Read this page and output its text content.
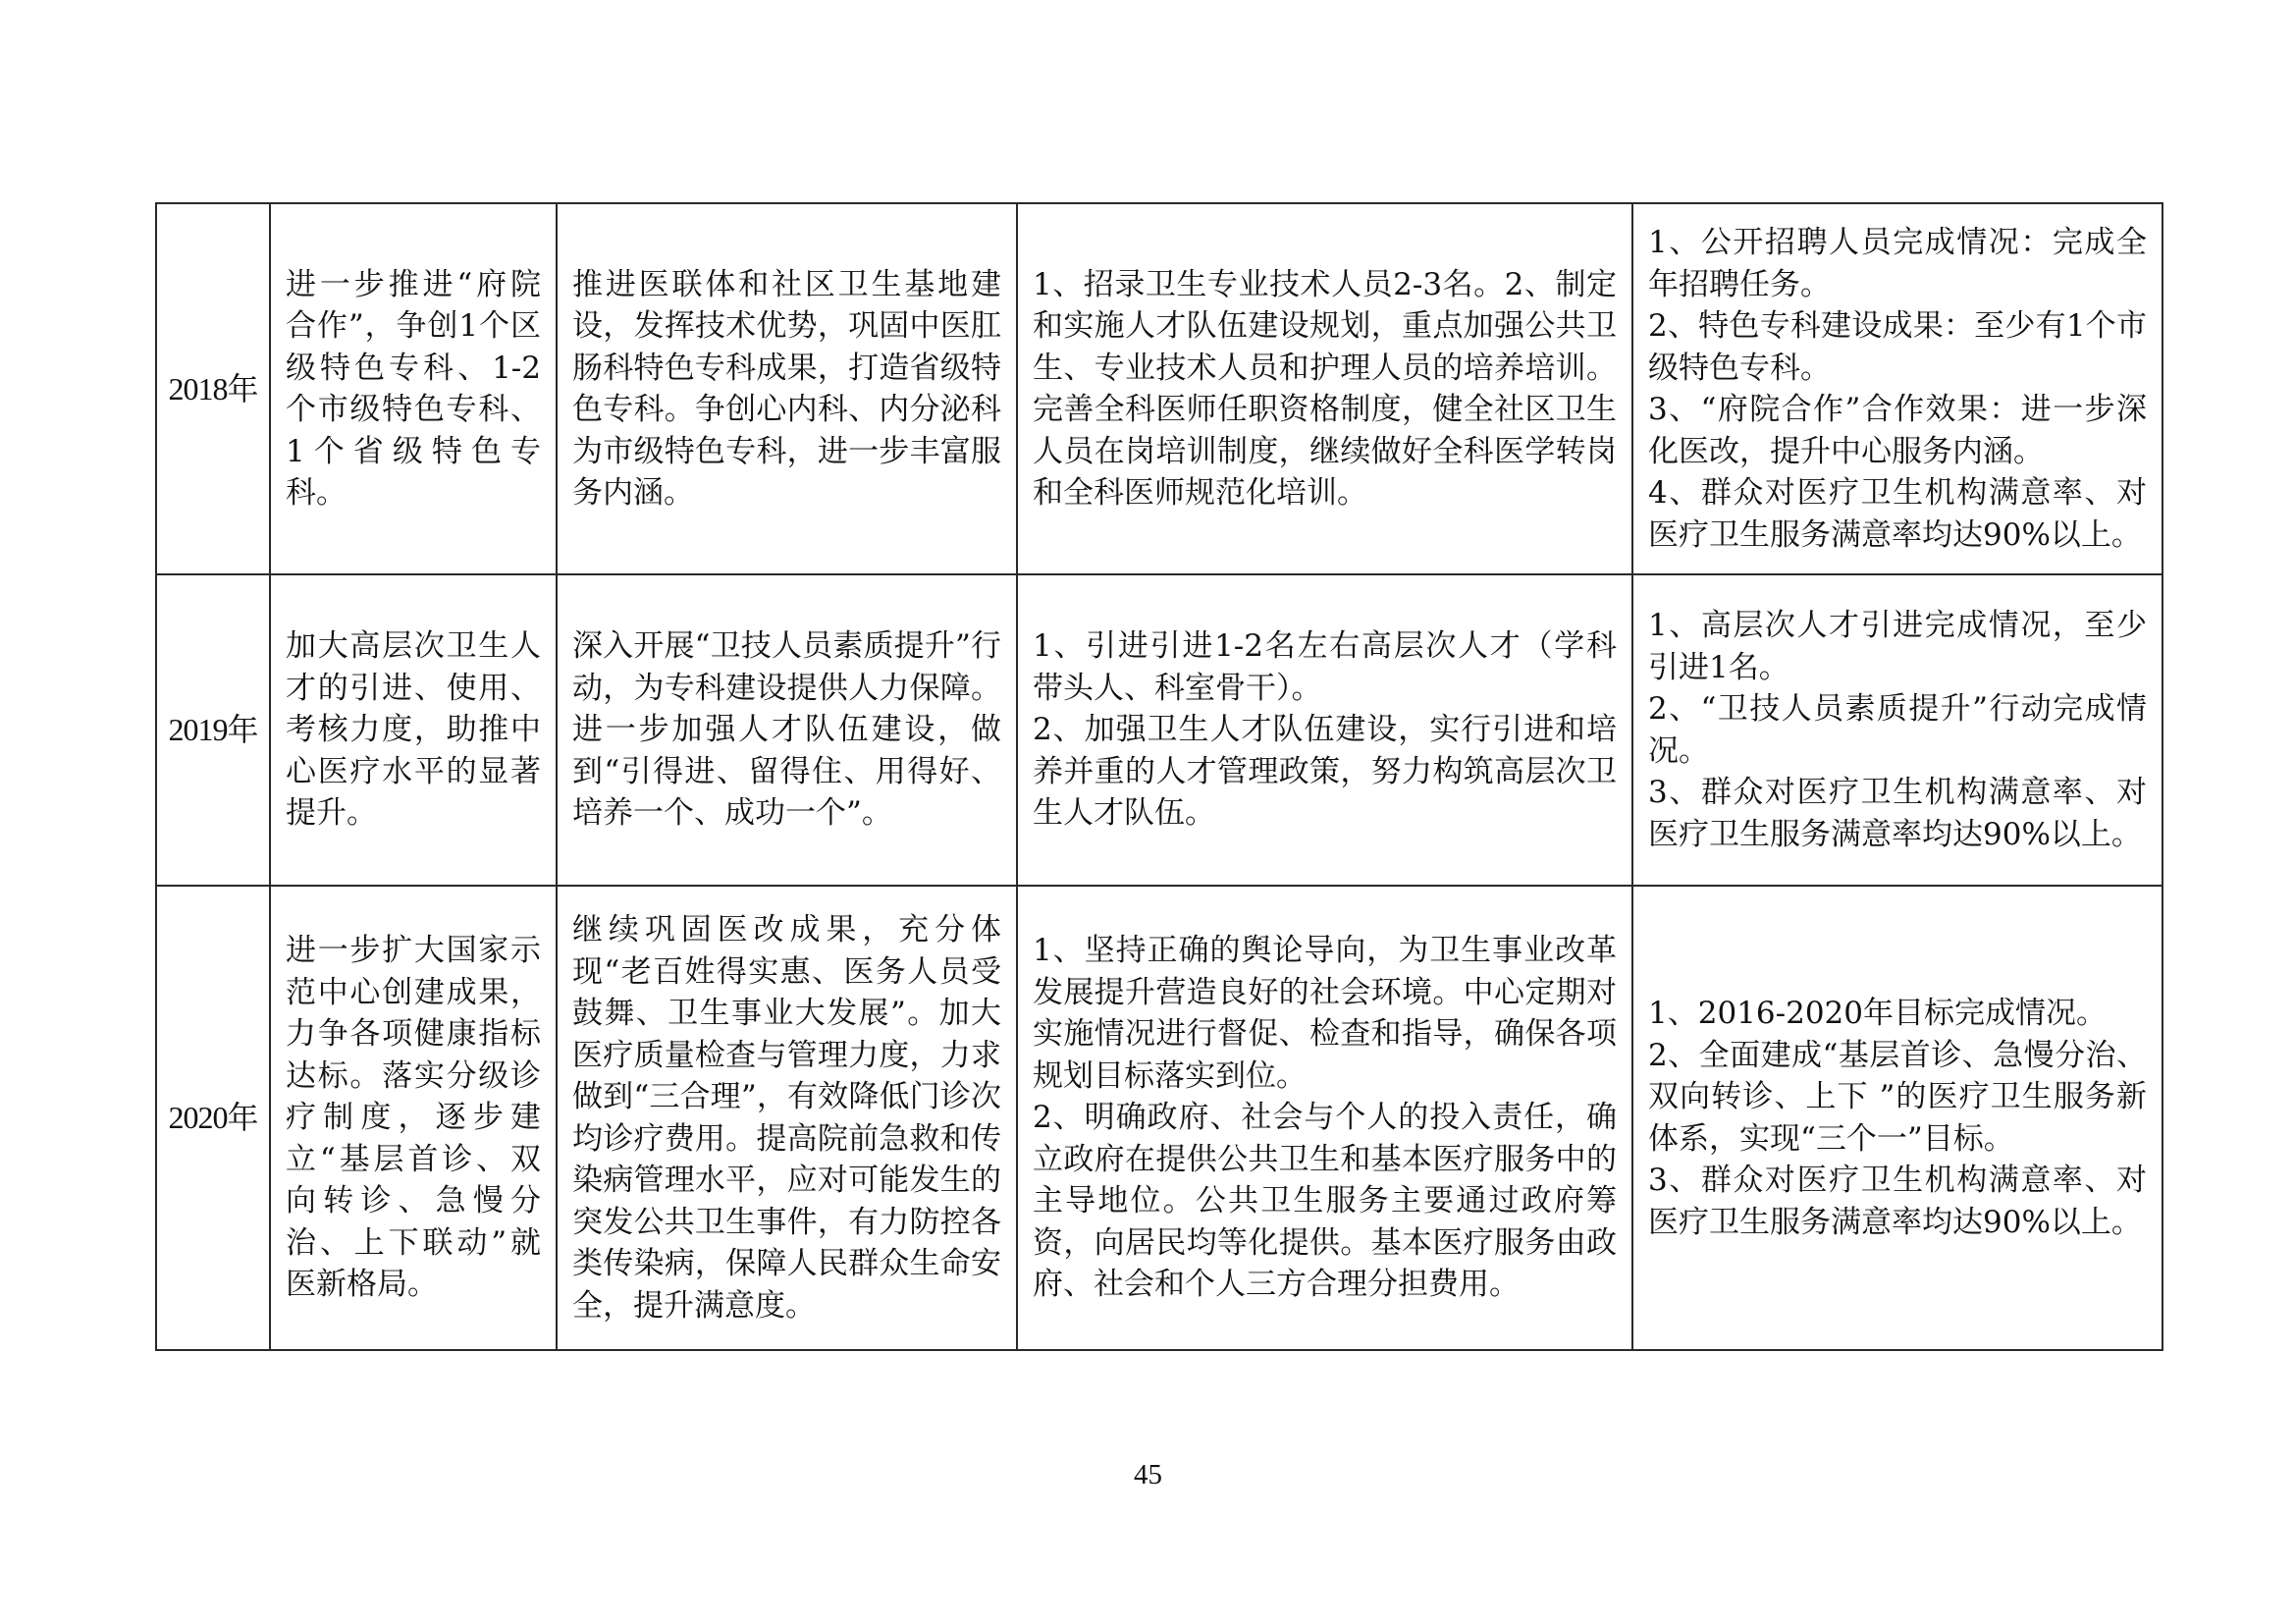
2018年	进一步推进“府院合作”，争创1个区级特色专科、1-2个市级特色专科、1个省级特色专科。	推进医联体和社区卫生基地建设，发挥技术优势，巩固中医肛肠科特色专科成果，打造省级特色专科。争创心内科、内分泌科为市级特色专科，进一步丰富服务内涵。	1、招录卫生专业技术人员2-3名。2、制定和实施人才队伍建设规划，重点加强公共卫生、专业技术人员和护理人员的培养培训。完善全科医师任职资格制度，健全社区卫生人员在岗培训制度，继续做好全科医学转岗和全科医师规范化培训。	1、公开招聘人员完成情况：完成全年招聘任务。
2、特色专科建设成果：至少有1个市级特色专科。
3、“府院合作”合作效果：进一步深化医改，提升中心服务内涵。
4、群众对医疗卫生机构满意率、对医疗卫生服务满意率均达90%以上。

2019年	加大高层次卫生人才的引进、使用、考核力度，助推中心医疗水平的显著提升。	深入开展“卫技人员素质提升”行动，为专科建设提供人力保障。进一步加强人才队伍建设，做到“引得进、留得住、用得好、培养一个、成功一个”。	1、引进引进1-2名左右高层次人才（学科带头人、科室骨干）。
2、加强卫生人才队伍建设，实行引进和培养并重的人才管理政策，努力构筑高层次卫生人才队伍。	1、高层次人才引进完成情况，至少引进1名。
2、“卫技人员素质提升”行动完成情况。
3、群众对医疗卫生机构满意率、对医疗卫生服务满意率均达90%以上。

2020年	进一步扩大国家示范中心创建成果，力争各项健康指标达标。落实分级诊疗制度，逐步建立“基层首诊、双向转诊、急慢分治、上下联动”就医新格局。	继续巩固医改成果，充分体现“老百姓得实惠、医务人员受鼓舞、卫生事业大发展”。加大医疗质量检查与管理力度，力求做到“三合理”，有效降低门诊次均诊疗费用。提高院前急救和传染病管理水平，应对可能发生的突发公共卫生事件，有力防控各类传染病，保障人民群众生命安全，提升满意度。	1、坚持正确的舆论导向，为卫生事业改革发展提升营造良好的社会环境。中心定期对实施情况进行督促、检查和指导，确保各项规划目标落实到位。
2、明确政府、社会与个人的投入责任，确立政府在提供公共卫生和基本医疗服务中的主导地位。公共卫生服务主要通过政府筹资，向居民均等化提供。基本医疗服务由政府、社会和个人三方合理分担费用。	1、2016-2020年目标完成情况。
2、全面建成“基层首诊、急慢分治、双向转诊、上下 ”的医疗卫生服务新体系，实现“三个一”目标。
3、群众对医疗卫生机构满意率、对医疗卫生服务满意率均达90%以上。
45
